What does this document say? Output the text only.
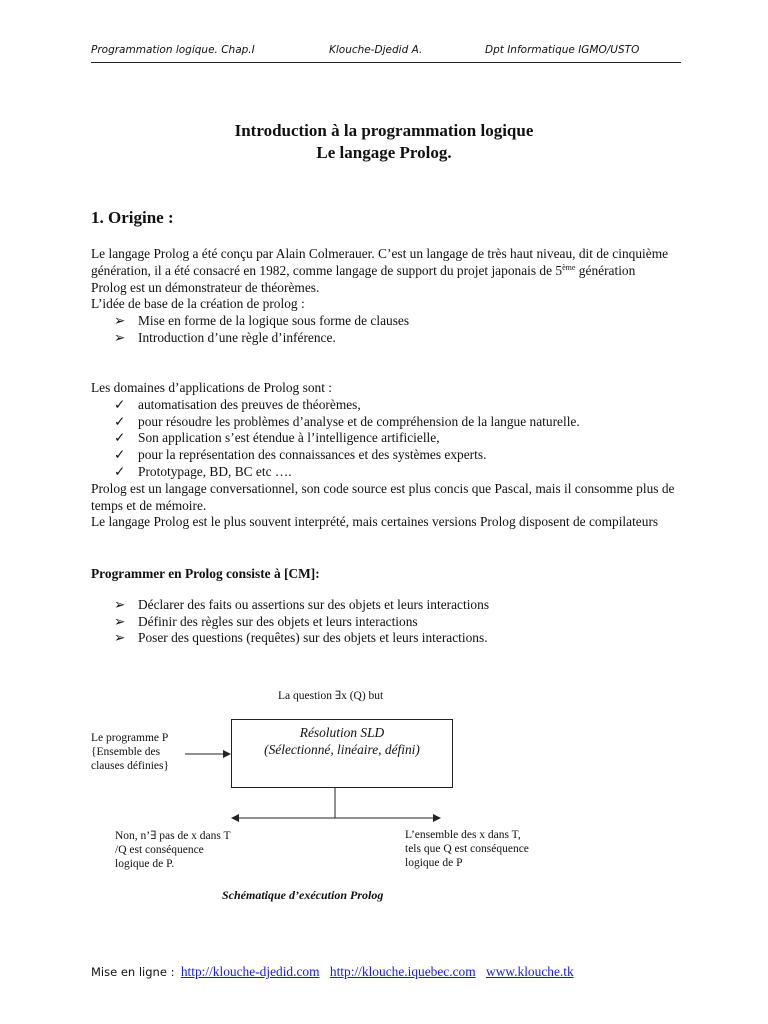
Programmation logique. Chap.I	Klouche-Djedid A.	Dpt Informatique IGMO/USTO
Introduction à la programmation logique
Le langage Prolog.
1. Origine :

Le langage Prolog a été conçu par Alain Colmerauer. C’est un langage de très haut niveau, dit de cinquième génération, il a été consacré en 1982, comme langage de support du projet japonais de 5ème génération

Prolog est un démonstrateur de théorèmes.

L’idée de base de la création de prolog :

➢ Mise en forme de la logique sous forme de clauses
➢ Introduction d’une règle d’inférence.

Les domaines d’applications de Prolog sont :

✓ automatisation des preuves de théorèmes,
✓ pour résoudre les problèmes d’analyse et de compréhension de la langue naturelle.
✓ Son application s’est étendue à l’intelligence artificielle,
✓ pour la représentation des connaissances et des systèmes experts.
✓ Prototypage, BD, BC etc ….

Prolog est un langage conversationnel, son code source est plus concis que Pascal, mais il consomme plus de temps et de mémoire.

Le langage Prolog est le plus souvent interprété, mais certaines versions Prolog disposent de compilateurs

Programmer en Prolog consiste à [CM]:

➢ Déclarer des faits ou assertions sur des objets et leurs interactions
➢ Définir des règles sur des objets et leurs interactions
➢ Poser des questions (requêtes) sur des objets et leurs interactions.
La question ∃x (Q) but
Le programme P
{Ensemble des
clauses définies}
Résolution SLD
(Sélectionné, linéaire, défini)
Non, n’∃ pas de x dans T
/Q est conséquence
logique de P.
L’ensemble des x dans T,
tels que Q est conséquence
logique de P
Schématique d’exécution Prolog
Mise en ligne : http://klouche-djedid.com http://klouche.iquebec.com www.klouche.tk
